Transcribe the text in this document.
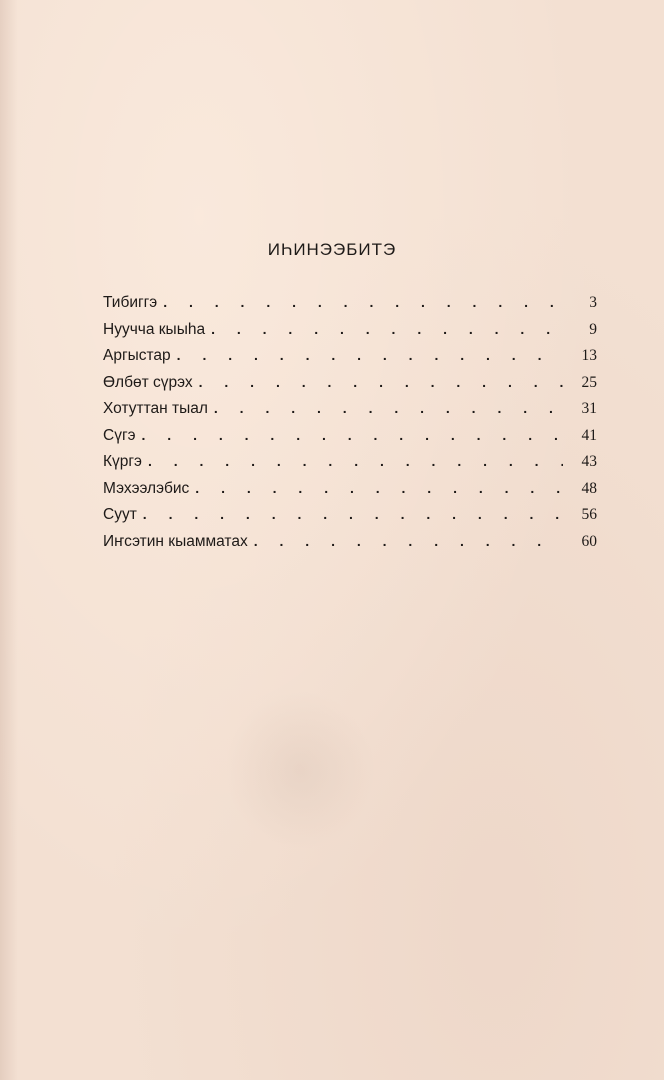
ИҺИНЭЭБИТЭ
Тибиггэ . . .	3
Нуучча кыыһа . . .	9
Аргыстар . . .	13
Өлбөт сүрэх . . .	25
Хотуттан тыал . . .	31
Сүгэ . . .	41
Күргэ . . .	43
Мэхээлэбис . . .	48
Суут . . .	56
Иҥсэтин кыамматах . . .	60
